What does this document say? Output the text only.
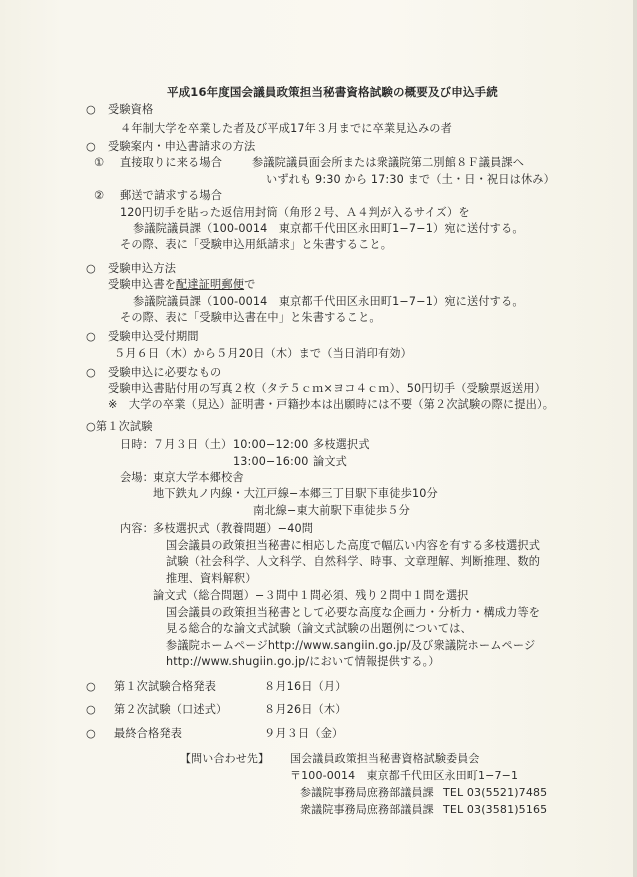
平成16年度国会議員政策担当秘書資格試験の概要及び申込手続
○ 受験資格
４年制大学を卒業した者及び平成17年３月までに卒業見込みの者
○ 受験案内・申込書請求の方法
① 直接取りに来る場合	参議院議員面会所または衆議院第二別館８Ｆ議員課へ
いずれも 9:30 から 17:30 まで（土・日・祝日は休み）
② 郵送で請求する場合
120円切手を貼った返信用封筒（角形２号、Ａ４判が入るサイズ）を
参議院議員課（100-0014　東京都千代田区永田町1−7−1）宛に送付する。
その際、表に「受験申込用紙請求」と朱書すること。
○ 受験申込方法
受験申込書を配達証明郵便で
参議院議員課（100-0014　東京都千代田区永田町1−7−1）宛に送付する。
その際、表に「受験申込書在中」と朱書すること。
○ 受験申込受付期間
５月６日（木）から５月20日（木）まで（当日消印有効）
○ 受験申込に必要なもの
受験申込書貼付用の写真２枚（タテ５ｃｍ×ヨコ４ｃｍ）、50円切手（受験票返送用）
※　大学の卒業（見込）証明書・戸籍抄本は出願時には不要（第２次試験の際に提出）。
○第１次試験
日時：
７月３日（土） 10:00−12:00 多枝選択式
13:00−16:00 論文式
会場：
東京大学本郷校舎
地下鉄丸ノ内線・大江戸線−本郷三丁目駅下車徒歩10分
南北線−東大前駅下車徒歩５分
内容：
多枝選択式（教養問題）−40問
国会議員の政策担当秘書に相応した高度で幅広い内容を有する多枝選択式
試験（社会科学、人文科学、自然科学、時事、文章理解、判断推理、数的
推理、資料解釈）
論文式（総合問題）−３問中１問必須、残り２問中１問を選択
国会議員の政策担当秘書として必要な高度な企画力・分析力・構成力等を
見る総合的な論文式試験（論文式試験の出題例については、
参議院ホームページhttp://www.sangiin.go.jp/及び衆議院ホームページ
http://www.shugiin.go.jp/において情報提供する。）
○ 第１次試験合格発表	８月16日（月）
○ 第２次試験（口述式）	８月26日（木）
○ 最終合格発表	９月３日（金）
【問い合わせ先】 国会議員政策担当秘書資格試験委員会
〒100-0014　東京都千代田区永田町1−7−1
参議院事務局庶務部議員課 TEL 03(5521)7485
衆議院事務局庶務部議員課 TEL 03(3581)5165
